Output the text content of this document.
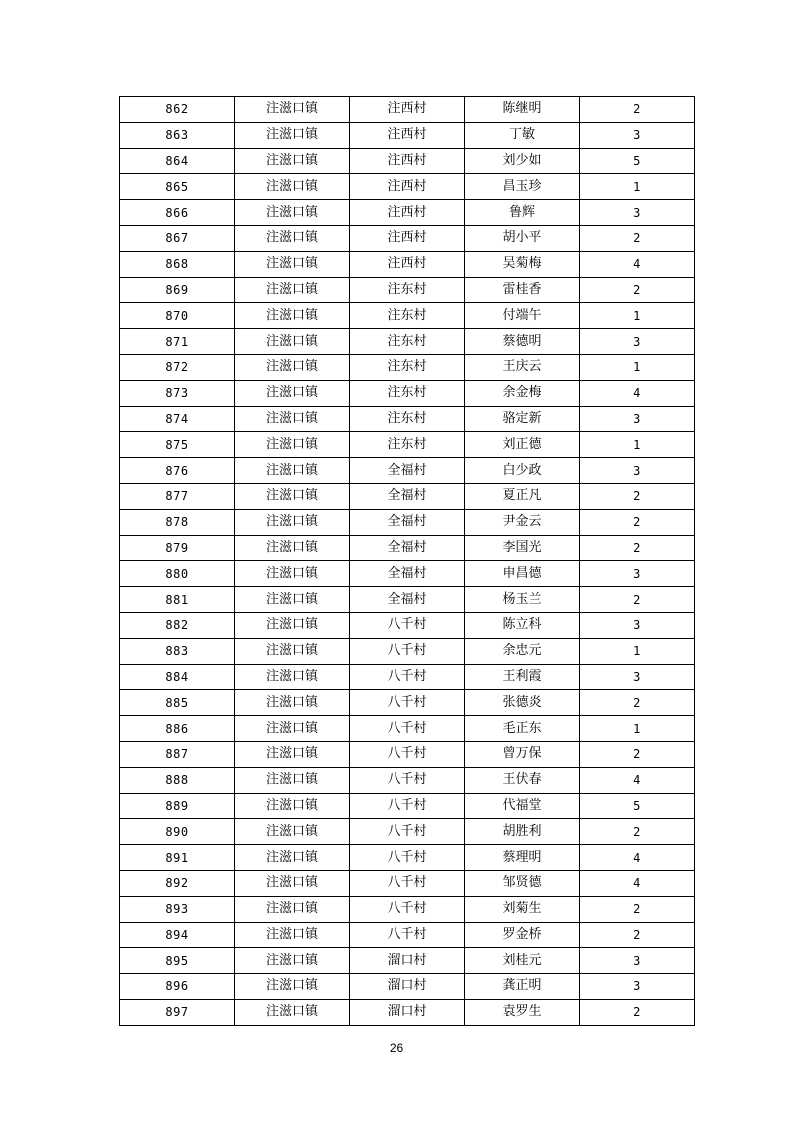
862	注滋口镇	注西村	陈继明	2
863	注滋口镇	注西村	丁敏	3
864	注滋口镇	注西村	刘少如	5
865	注滋口镇	注西村	昌玉珍	1
866	注滋口镇	注西村	鲁辉	3
867	注滋口镇	注西村	胡小平	2
868	注滋口镇	注西村	吴菊梅	4
869	注滋口镇	注东村	雷桂香	2
870	注滋口镇	注东村	付端午	1
871	注滋口镇	注东村	蔡德明	3
872	注滋口镇	注东村	王庆云	1
873	注滋口镇	注东村	余金梅	4
874	注滋口镇	注东村	骆定新	3
875	注滋口镇	注东村	刘正德	1
876	注滋口镇	全福村	白少政	3
877	注滋口镇	全福村	夏正凡	2
878	注滋口镇	全福村	尹金云	2
879	注滋口镇	全福村	李国光	2
880	注滋口镇	全福村	申昌德	3
881	注滋口镇	全福村	杨玉兰	2
882	注滋口镇	八千村	陈立科	3
883	注滋口镇	八千村	余忠元	1
884	注滋口镇	八千村	王利霞	3
885	注滋口镇	八千村	张德炎	2
886	注滋口镇	八千村	毛正东	1
887	注滋口镇	八千村	曾万保	2
888	注滋口镇	八千村	王伏春	4
889	注滋口镇	八千村	代福堂	5
890	注滋口镇	八千村	胡胜利	2
891	注滋口镇	八千村	蔡理明	4
892	注滋口镇	八千村	邹贤德	4
893	注滋口镇	八千村	刘菊生	2
894	注滋口镇	八千村	罗金桥	2
895	注滋口镇	溜口村	刘桂元	3
896	注滋口镇	溜口村	龚正明	3
897	注滋口镇	溜口村	袁罗生	2
26
